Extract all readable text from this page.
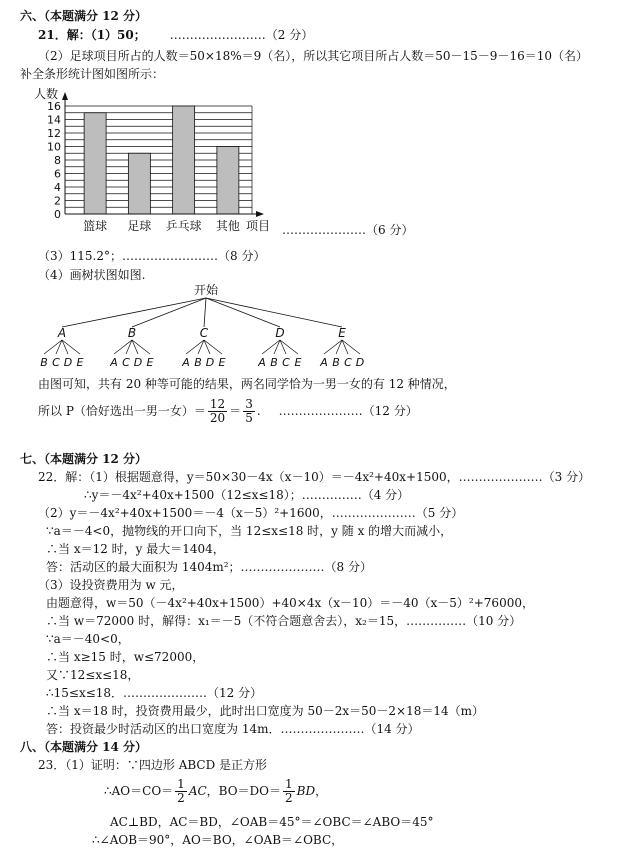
六、（本题满分 12 分）
21．解：（1）50； ……………………（2 分）
（2）足球项目所占的人数＝50×18%＝9（名），所以其它项目所占人数＝50－15－9－16＝10（名）
补全条形统计图如图所示：
0
2
4
6
8
10
12
14
16
篮球 足球 乒乓球 其他
人数
项目 …………………（6 分）
（3）115.2°；……………………（8 分）
（4）画树状图如图.
开始
A
B C D E
B
A C D E
C
A B D E
D
A B C E
E
A B C D
由图可知，共有 20 种等可能的结果，两名同学恰为一男一女的有 12 种情况，
所以 P（恰好选出一男一女）＝ $\frac{12}{20} = \frac{3}{5}$ . …………………（12 分）
七、（本题满分 12 分）
22．解：（1）根据题意得，y＝50×30－4x（x－10）＝－4x²+40x+1500，…………………（3 分）
∴y＝－4x²+40x+1500（12≤x≤18）；……………（4 分）
（2）y＝－4x²+40x+1500＝－4（x－5）²+1600，…………………（5 分）
∵a＝－4<0，抛物线的开口向下，当 12≤x≤18 时，y 随 x 的增大而减小，
∴当 x＝12 时，y 最大＝1404，
答：活动区的最大面积为 1404m²；…………………（8 分）
（3）设投资费用为 w 元，
由题意得，w＝50（－4x²+40x+1500）+40×4x（x－10）＝－40（x－5）²+76000，
∴当 w＝72000 时，解得：x₁＝－5（不符合题意舍去），x₂＝15，……………（10 分）
∵a＝－40<0，
∴当 x≥15 时，w≤72000，
又∵12≤x≤18，
∴15≤x≤18．…………………（12 分）
∴当 x＝18 时，投资费用最少，此时出口宽度为 50－2x＝50－2×18＝14（m）
答：投资最少时活动区的出口宽度为 14m．…………………（14 分）
八、（本题满分 14 分）
23．（1）证明：∵四边形 ABCD 是正方形
∴AO＝CO＝ $\frac{1}{2}$ AC，$BO=DO= \frac{1}{2}$ BD，
AC⊥BD，AC＝BD，∠OAB＝45°＝∠OBC＝∠ABO＝45°
∴∠AOB＝90°，AO＝BO，∠OAB＝∠OBC，
